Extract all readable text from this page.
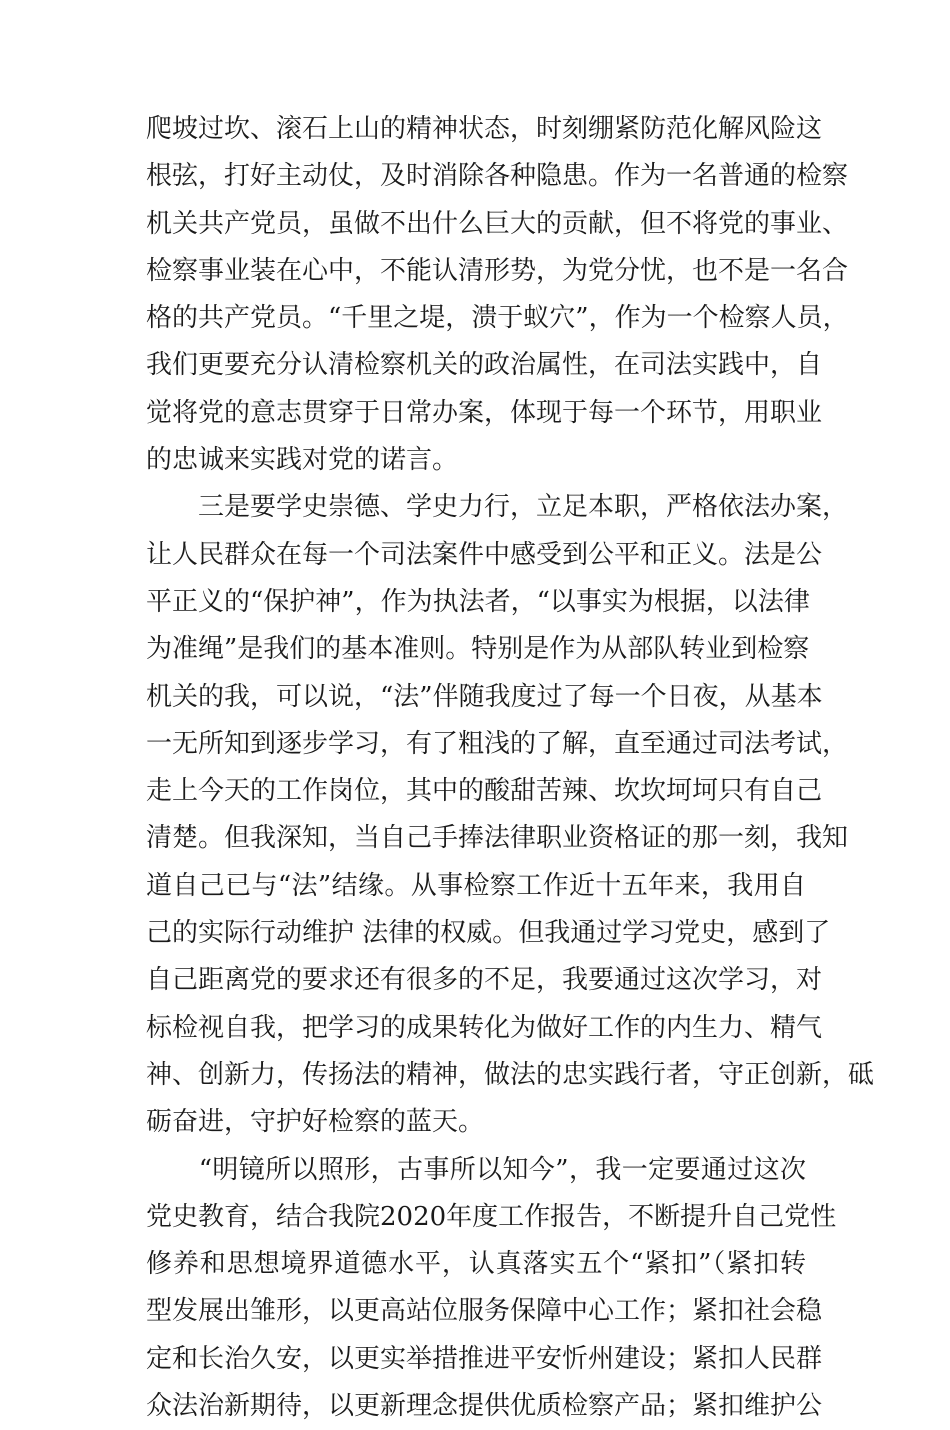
爬坡过坎、滚石上山的精神状态，时刻绷紧防范化解风险这
根弦，打好主动仗，及时消除各种隐患。作为一名普通的检察
机关共产党员，虽做不出什么巨大的贡献，但不将党的事业、
检察事业装在心中，不能认清形势，为党分忧，也不是一名合
格的共产党员。“千里之堤，溃于蚁穴”，作为一个检察人员，
我们更要充分认清检察机关的政治属性，在司法实践中，自
觉将党的意志贯穿于日常办案，体现于每一个环节，用职业
的忠诚来实践对党的诺言。
　　三是要学史崇德、学史力行，立足本职，严格依法办案，
让人民群众在每一个司法案件中感受到公平和正义。法是公
平正义的“保护神”，作为执法者，“以事实为根据，以法律
为准绳”是我们的基本准则。特别是作为从部队转业到检察
机关的我，可以说，“法”伴随我度过了每一个日夜，从基本
一无所知到逐步学习，有了粗浅的了解，直至通过司法考试，
走上今天的工作岗位，其中的酸甜苦辣、坎坎坷坷只有自己
清楚。但我深知，当自己手捧法律职业资格证的那一刻，我知
道自己已与“法”结缘。从事检察工作近十五年来，我用自
己的实际行动维护 法律的权威。但我通过学习党史，感到了
自己距离党的要求还有很多的不足，我要通过这次学习，对
标检视自我，把学习的成果转化为做好工作的内生力、精气
神、创新力，传扬法的精神，做法的忠实践行者，守正创新，砥
砺奋进，守护好检察的蓝天。
　　“明镜所以照形，古事所以知今”，我一定要通过这次
党史教育，结合我院2020年度工作报告，不断提升自己党性
修养和思想境界道德水平，认真落实五个“紧扣”（紧扣转
型发展出雏形，以更高站位服务保障中心工作；紧扣社会稳
定和长治久安，以更实举措推进平安忻州建设；紧扣人民群
众法治新期待，以更新理念提供优质检察产品；紧扣维护公
